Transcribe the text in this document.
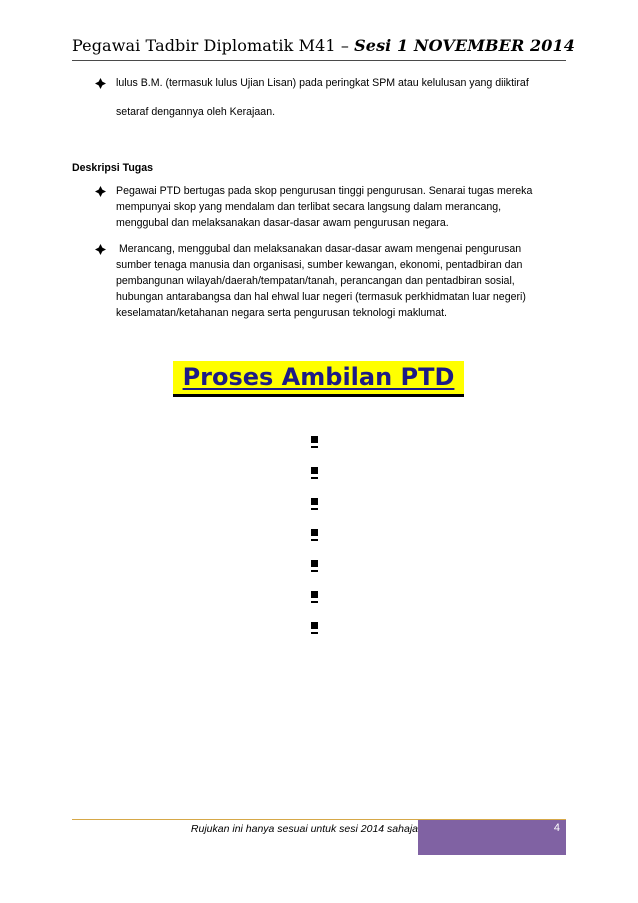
Pegawai Tadbir Diplomatik M41 – Sesi 1 NOVEMBER 2014
lulus B.M. (termasuk lulus Ujian Lisan) pada peringkat SPM atau kelulusan yang diiktiraf
setaraf dengannya oleh Kerajaan.
Deskripsi Tugas
Pegawai PTD bertugas pada skop pengurusan tinggi pengurusan. Senarai tugas mereka
mempunyai skop yang mendalam dan terlibat secara langsung dalam merancang,
menggubal dan melaksanakan dasar-dasar awam pengurusan negara.
Merancang, menggubal dan melaksanakan dasar-dasar awam mengenai pengurusan
sumber tenaga manusia dan organisasi, sumber kewangan, ekonomi, pentadbiran dan
pembangunan wilayah/daerah/tempatan/tanah, perancangan dan pentadbiran sosial,
hubungan antarabangsa dan hal ehwal luar negeri (termasuk perkhidmatan luar negeri)
keselamatan/ketahanan negara serta pengurusan teknologi maklumat.
Proses Ambilan PTD
Rujukan ini hanya sesuai untuk sesi 2014 sahaja	4
